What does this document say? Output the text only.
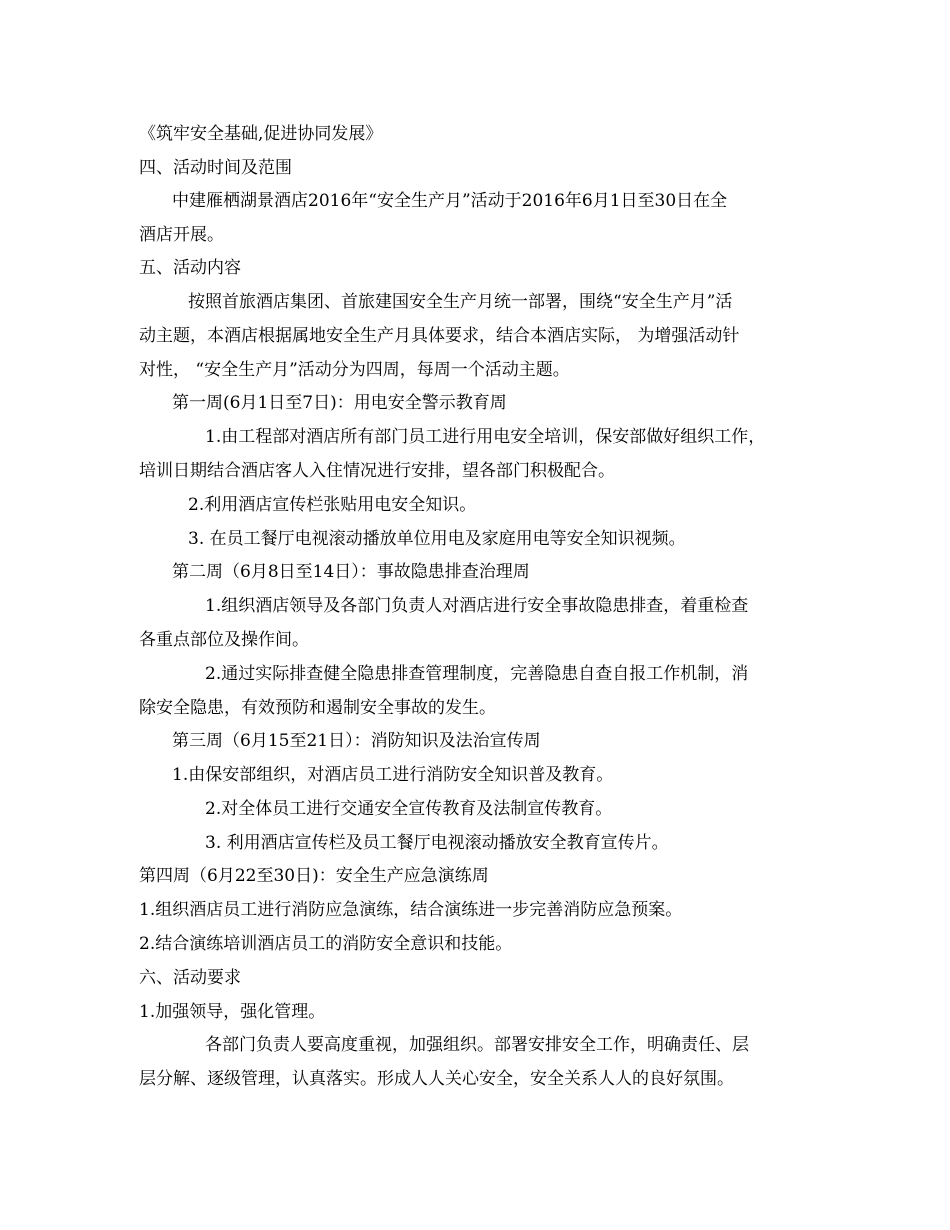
《筑牢安全基础,促进协同发展》
四、活动时间及范围
中建雁栖湖景酒店2016年“安全生产月”活动于2016年6月1日至30日在全
酒店开展。
五、活动内容
按照首旅酒店集团、首旅建国安全生产月统一部署，围绕“安全生产月”活
动主题，本酒店根据属地安全生产月具体要求，结合本酒店实际， 为增强活动针
对性， “安全生产月”活动分为四周，每周一个活动主题。
第一周(6月1日至7日)：用电安全警示教育周
1.由工程部对酒店所有部门员工进行用电安全培训，保安部做好组织工作，
培训日期结合酒店客人入住情况进行安排，望各部门积极配合。
2.利用酒店宣传栏张贴用电安全知识。
3. 在员工餐厅电视滚动播放单位用电及家庭用电等安全知识视频。
第二周（6月8日至14日）：事故隐患排查治理周
1.组织酒店领导及各部门负责人对酒店进行安全事故隐患排查，着重检查
各重点部位及操作间。
2.通过实际排查健全隐患排查管理制度，完善隐患自查自报工作机制，消
除安全隐患，有效预防和遏制安全事故的发生。
第三周（6月15至21日）：消防知识及法治宣传周
1.由保安部组织，对酒店员工进行消防安全知识普及教育。
2.对全体员工进行交通安全宣传教育及法制宣传教育。
3. 利用酒店宣传栏及员工餐厅电视滚动播放安全教育宣传片。
第四周（6月22至30日)：安全生产应急演练周
1.组织酒店员工进行消防应急演练，结合演练进一步完善消防应急预案。
2.结合演练培训酒店员工的消防安全意识和技能。
六、活动要求
1.加强领导，强化管理。
各部门负责人要高度重视，加强组织。部署安排安全工作，明确责任、层
层分解、逐级管理，认真落实。形成人人关心安全，安全关系人人的良好氛围。
